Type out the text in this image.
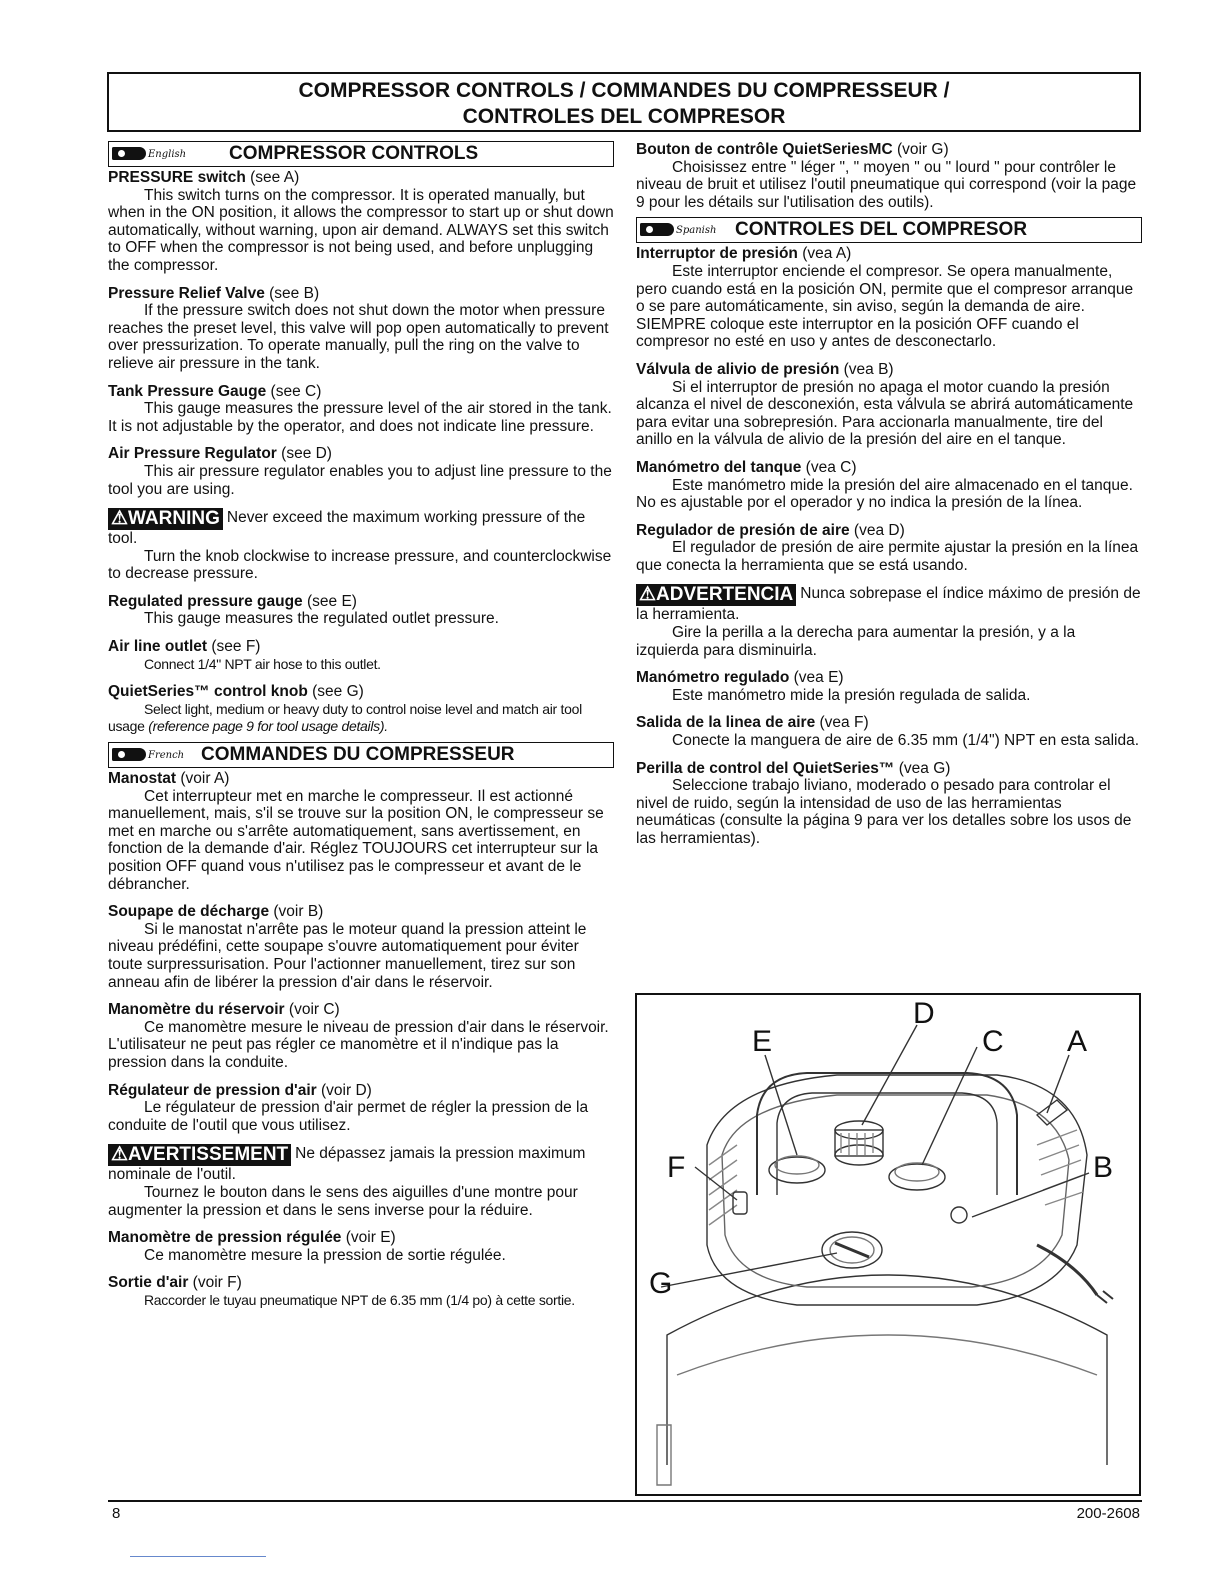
COMPRESSOR CONTROLS / COMMANDES DU COMPRESSEUR /
CONTROLES DEL COMPRESOR
English COMPRESSOR CONTROLS
PRESSURE switch (see A)

This switch turns on the compressor. It is operated manually, but when in the ON position, it allows the compressor to start up or shut down automatically, without warning, upon air demand. ALWAYS set this switch to OFF when the compressor is not being used, and before unplugging the compressor.

Pressure Relief Valve (see B)

If the pressure switch does not shut down the motor when pressure reaches the preset level, this valve will pop open automatically to prevent over pressurization. To operate manually, pull the ring on the valve to relieve air pressure in the tank.

Tank Pressure Gauge (see C)

This gauge measures the pressure level of the air stored in the tank. It is not adjustable by the operator, and does not indicate line pressure.

Air Pressure Regulator (see D)

This air pressure regulator enables you to adjust line pressure to the tool you are using.

⚠WARNING Never exceed the maximum working pressure of the tool.

Turn the knob clockwise to increase pressure, and counterclockwise to decrease pressure.

Regulated pressure gauge (see E)

This gauge measures the regulated outlet pressure.

Air line outlet (see F)

Connect 1/4" NPT air hose to this outlet.

QuietSeries™ control knob (see G)

Select light, medium or heavy duty to control noise level and match air tool usage (reference page 9 for tool usage details).

French COMMANDES DU COMPRESSEUR
Manostat (voir A)

Cet interrupteur met en marche le compresseur. Il est actionné manuellement, mais, s'il se trouve sur la position ON, le compresseur se met en marche ou s'arrête automatiquement, sans avertissement, en fonction de la demande d'air. Réglez TOUJOURS cet interrupteur sur la position OFF quand vous n'utilisez pas le compresseur et avant de le débrancher.

Soupape de décharge (voir B)

Si le manostat n'arrête pas le moteur quand la pression atteint le niveau prédéfini, cette soupape s'ouvre automatiquement pour éviter toute surpressurisation. Pour l'actionner manuellement, tirez sur son anneau afin de libérer la pression d'air dans le réservoir.

Manomètre du réservoir (voir C)

Ce manomètre mesure le niveau de pression d'air dans le réservoir. L'utilisateur ne peut pas régler ce manomètre et il n'indique pas la pression dans la conduite.

Régulateur de pression d'air (voir D)

Le régulateur de pression d'air permet de régler la pression de la conduite de l'outil que vous utilisez.

⚠AVERTISSEMENT Ne dépassez jamais la pression maximum nominale de l'outil.

Tournez le bouton dans le sens des aiguilles d'une montre pour augmenter la pression et dans le sens inverse pour la réduire.

Manomètre de pression régulée (voir E)

Ce manomètre mesure la pression de sortie régulée.

Sortie d'air (voir F)

Raccorder le tuyau pneumatique NPT de 6.35 mm (1/4 po) à cette sortie.

Bouton de contrôle QuietSeriesMC (voir G)

Choisissez entre " léger ", " moyen " ou " lourd " pour contrôler le niveau de bruit et utilisez l'outil pneumatique qui correspond (voir la page 9 pour les détails sur l'utilisation des outils).

Spanish CONTROLES DEL COMPRESOR
Interruptor de presión (vea A)

Este interruptor enciende el compresor. Se opera manualmente, pero cuando está en la posición ON, permite que el compresor arranque o se pare automáticamente, sin aviso, según la demanda de aire. SIEMPRE coloque este interruptor en la posición OFF cuando el compresor no esté en uso y antes de desconectarlo.

Válvula de alivio de presión (vea B)

Si el interruptor de presión no apaga el motor cuando la presión alcanza el nivel de desconexión, esta válvula se abrirá automáticamente para evitar una sobrepresión. Para accionarla manualmente, tire del anillo en la válvula de alivio de la presión del aire en el tanque.

Manómetro del tanque (vea C)

Este manómetro mide la presión del aire almacenado en el tanque. No es ajustable por el operador y no indica la presión de la línea.

Regulador de presión de aire (vea D)

El regulador de presión de aire permite ajustar la presión en la línea que conecta la herramienta que se está usando.

⚠ADVERTENCIA Nunca sobrepase el índice máximo de presión de la herramienta.

Gire la perilla a la derecha para aumentar la presión, y a la izquierda para disminuirla.

Manómetro regulado (vea E)

Este manómetro mide la presión regulada de salida.

Salida de la linea de aire (vea F)

Conecte la manguera de aire de 6.35 mm (1/4") NPT en esta salida.

Perilla de control del QuietSeries™ (vea G)

Seleccione trabajo liviano, moderado o pesado para controlar el nivel de ruido, según la intensidad de uso de las herramientas neumáticas (consulte la página 9 para ver los detalles sobre los usos de las herramientas).

E
D
C A
B
F
G
8	200-2608
